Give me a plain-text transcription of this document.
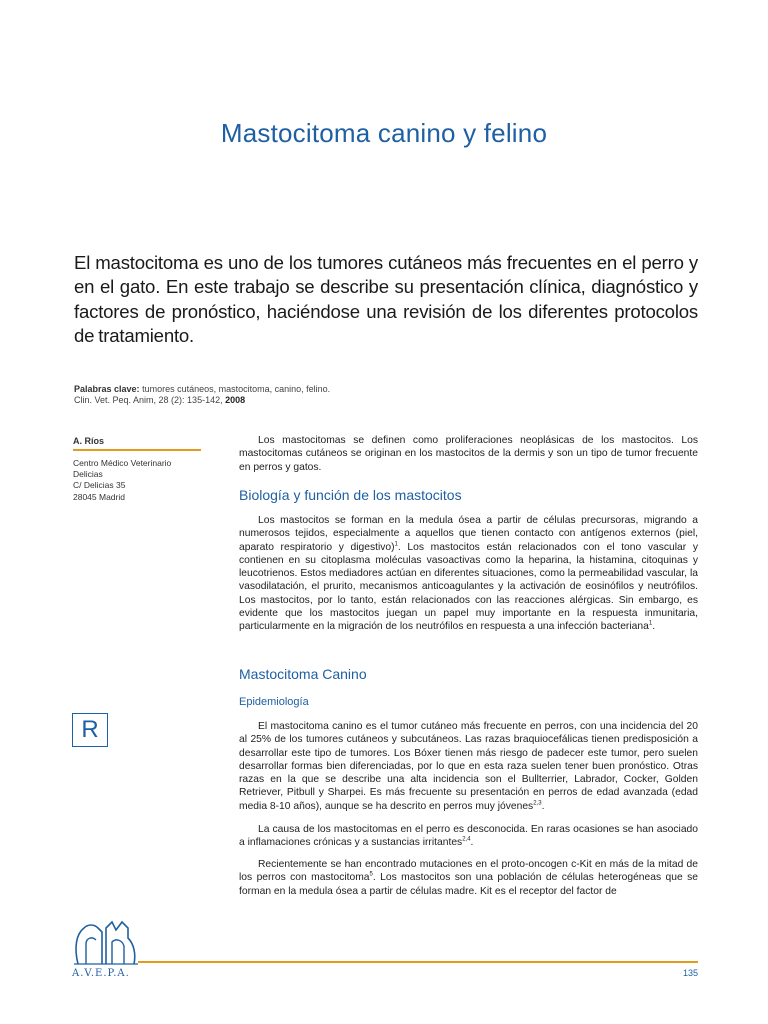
Mastocitoma canino y felino

El mastocitoma es uno de los tumores cutáneos más frecuentes en el perro y en el gato. En este trabajo se describe su presentación clínica, diagnóstico y factores de pronóstico, haciéndose una revisión de los diferentes protocolos de tratamiento.

Palabras clave: tumores cutáneos, mastocitoma, canino, felino.
Clin. Vet. Peq. Anim, 28 (2): 135-142, 2008
A. Ríos
Centro Médico Veterinario
Delicias
C/ Delicias 35
28045 Madrid
R

Los mastocitomas se definen como proliferaciones neoplásicas de los mastocitos. Los mastocitomas cutáneos se originan en los mastocitos de la dermis y son un tipo de tumor frecuente en perros y gatos.

Biología y función de los mastocitos

Los mastocitos se forman en la medula ósea a partir de células precursoras, migrando a numerosos tejidos, especialmente a aquellos que tienen contacto con antígenos externos (piel, aparato respiratorio y digestivo)$^1$. Los mastocitos están relacionados con el tono vascular y contienen en su citoplasma moléculas vasoactivas como la heparina, la histamina, citoquinas y leucotrienos. Estos mediadores actúan en diferentes situaciones, como la permeabilidad vascular, la vasodilatación, el prurito, mecanismos anticoagulantes y la activación de eosinófilos y neutrófilos. Los mastocitos, por lo tanto, están relacionados con las reacciones alérgicas. Sin embargo, es evidente que los mastocitos juegan un papel muy importante en la respuesta inmunitaria, particularmente en la migración de los neutrófilos en respuesta a una infección bacteriana$^1$.

Mastocitoma Canino
Epidemiología

El mastocitoma canino es el tumor cutáneo más frecuente en perros, con una incidencia del 20 al 25% de los tumores cutáneos y subcutáneos. Las razas braquiocefálicas tienen predisposición a desarrollar este tipo de tumores. Los Bóxer tienen más riesgo de padecer este tumor, pero suelen desarrollar formas bien diferenciadas, por lo que en esta raza suelen tener buen pronóstico. Otras razas en la que se describe una alta incidencia son el Bullterrier, Labrador, Cocker, Golden Retriever, Pitbull y Sharpei. Es más frecuente su presentación en perros de edad avanzada (edad media 8-10 años), aunque se ha descrito en perros muy jóvenes$^{2,3}$.

La causa de los mastocitomas en el perro es desconocida. En raras ocasiones se han asociado a inflamaciones crónicas y a sustancias irritantes$^{2,4}$.

Recientemente se han encontrado mutaciones en el proto-oncogen c-Kit en más de la mitad de los perros con mastocitoma$^5$. Los mastocitos son una población de células heterogéneas que se forman en la medula ósea a partir de células madre. Kit es el receptor del factor de

A.V.E.P.A.	135
